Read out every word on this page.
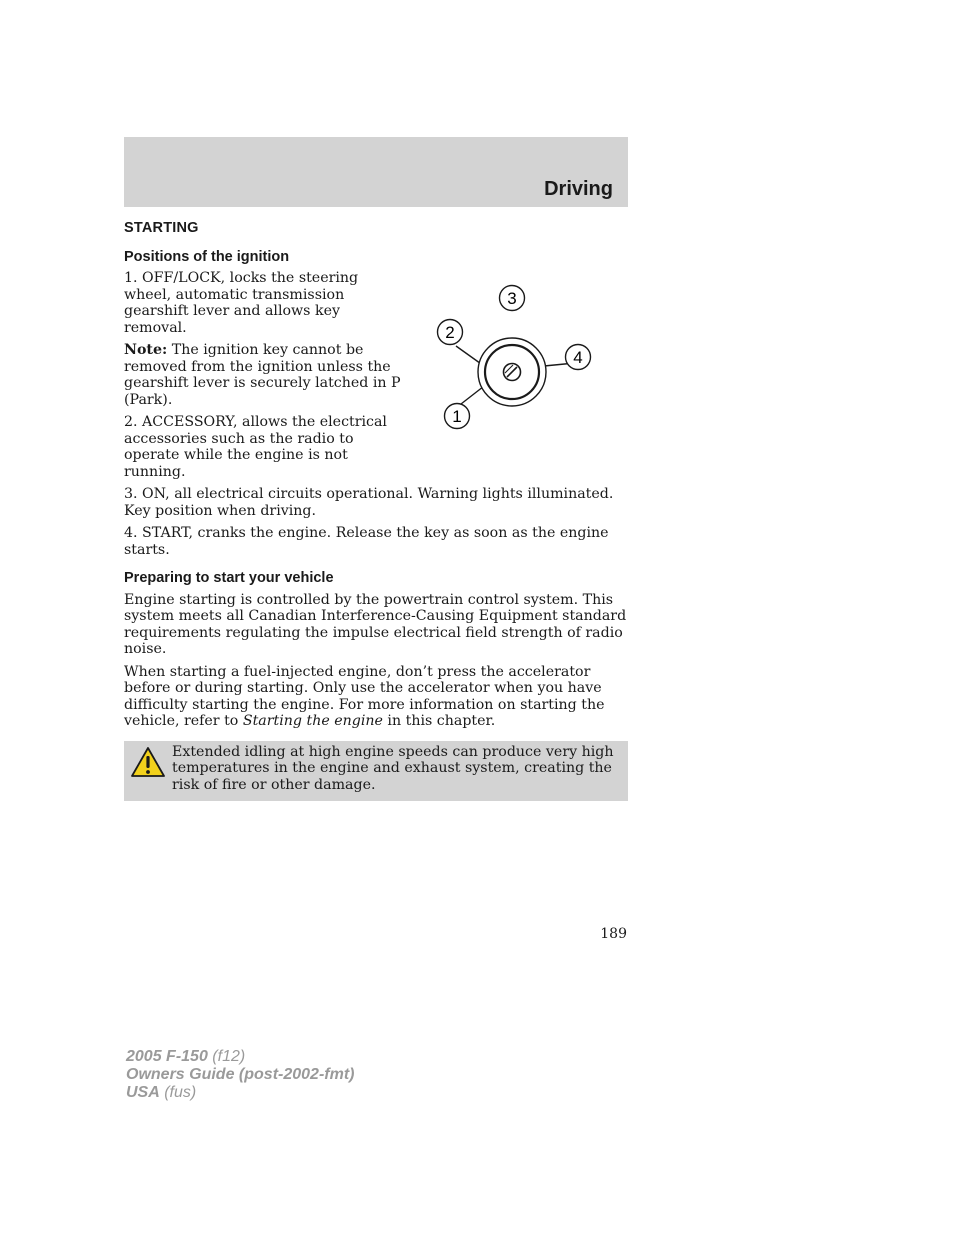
Driving
STARTING
Positions of the ignition

1. OFF/LOCK, locks the steering wheel, automatic transmission gearshift lever and allows key removal.

Note: The ignition key cannot be removed from the ignition unless the gearshift lever is securely latched in P (Park).

2. ACCESSORY, allows the electrical accessories such as the radio to operate while the engine is not running.

3
2
4
1

3. ON, all electrical circuits operational. Warning lights illuminated. Key position when driving.

4. START, cranks the engine. Release the key as soon as the engine starts.

Preparing to start your vehicle

Engine starting is controlled by the powertrain control system. This system meets all Canadian Interference-Causing Equipment standard requirements regulating the impulse electrical field strength of radio noise.

When starting a fuel-injected engine, don’t press the accelerator before or during starting. Only use the accelerator when you have difficulty starting the engine. For more information on starting the vehicle, refer to Starting the engine in this chapter.

Extended idling at high engine speeds can produce very high temperatures in the engine and exhaust system, creating the risk of fire or other damage.

189
2005 F-150 (f12)
Owners Guide (post-2002-fmt)
USA (fus)
